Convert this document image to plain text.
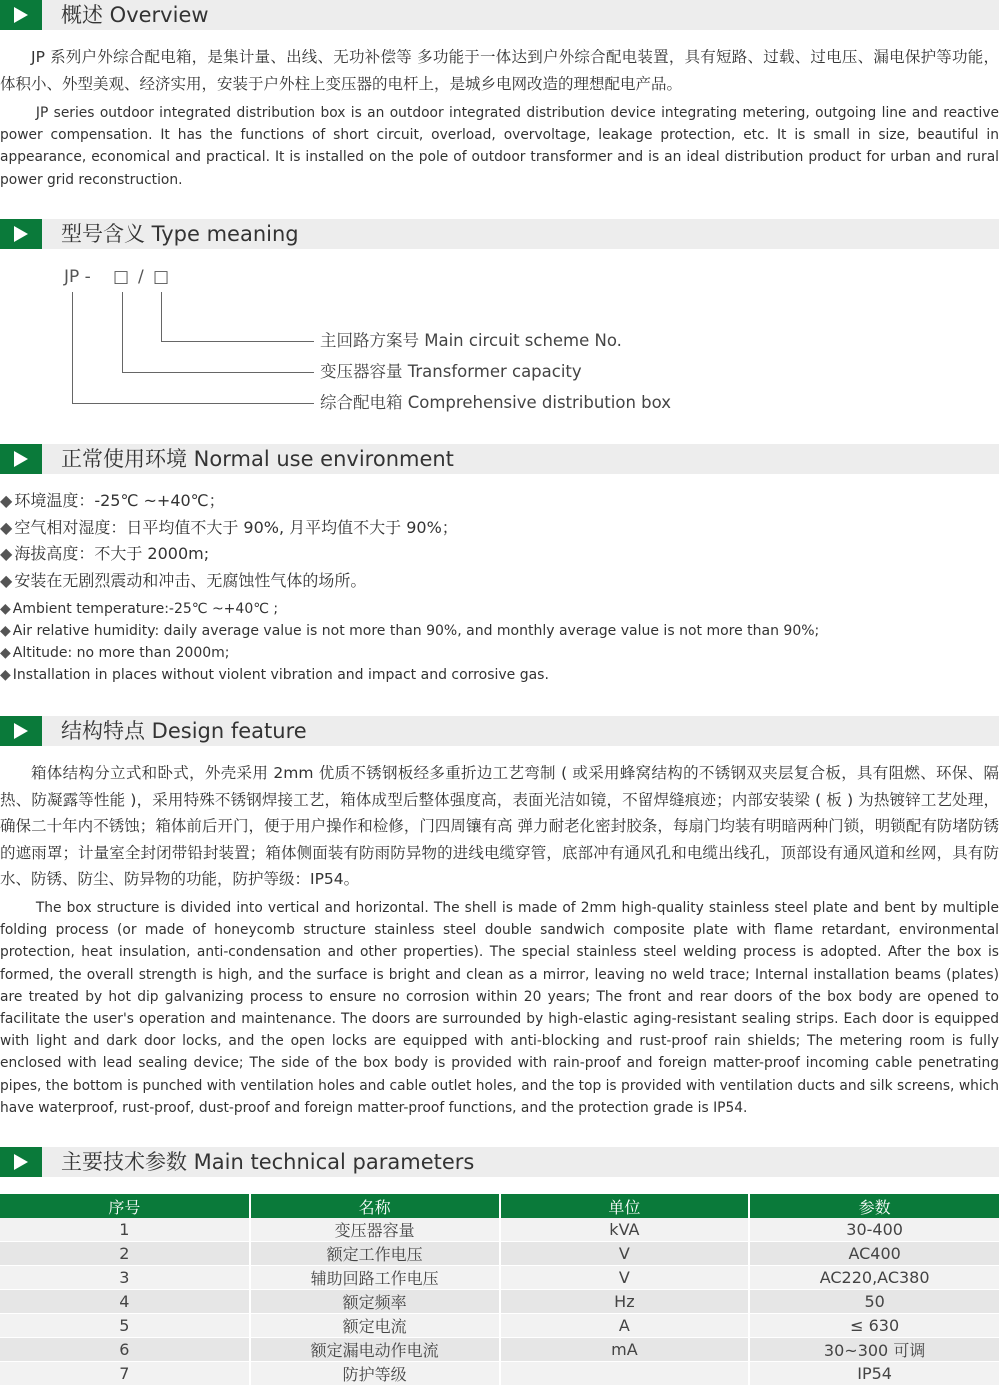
概述 Overview

JP 系列户外综合配电箱，是集计量、出线、无功补偿等 多功能于一体达到户外综合配电装置，具有短路、过载、过电压、漏电保护等功能，体积小、外型美观、经济实用，安装于户外柱上变压器的电杆上，是城乡电网改造的理想配电产品。

JP series outdoor integrated distribution box is an outdoor integrated distribution device integrating metering, outgoing line and reactive power compensation. It has the functions of short circuit, overload, overvoltage, leakage protection, etc. It is small in size, beautiful in appearance, economical and practical. It is installed on the pole of outdoor transformer and is an ideal distribution product for urban and rural power grid reconstruction.

型号含义 Type meaning
JP - □ / □
主回路方案号 Main circuit scheme No.
变压器容量 Transformer capacity
综合配电箱 Comprehensive distribution box
正常使用环境 Normal use environment
◆ 环境温度：-25℃ ~+40℃；
◆ 空气相对湿度：日平均值不大于 90%, 月平均值不大于 90%；
◆ 海拔高度：不大于 2000m;
◆ 安装在无剧烈震动和冲击、无腐蚀性气体的场所。
◆ Ambient temperature:-25℃ ~+40℃ ;
◆ Air relative humidity: daily average value is not more than 90%, and monthly average value is not more than 90%;
◆ Altitude: no more than 2000m;
◆ Installation in places without violent vibration and impact and corrosive gas.
结构特点 Design feature

箱体结构分立式和卧式，外壳采用 2mm 优质不锈钢板经多重折边工艺弯制 ( 或采用蜂窝结构的不锈钢双夹层复合板，具有阻燃、环保、隔热、防凝露等性能 )，采用特殊不锈钢焊接工艺，箱体成型后整体强度高，表面光洁如镜，不留焊缝痕迹；内部安装梁 ( 板 ) 为热镀锌工艺处理，确保二十年内不锈蚀；箱体前后开门，便于用户操作和检修，门四周镶有高 弹力耐老化密封胶条，每扇门均装有明暗两种门锁，明锁配有防堵防锈的遮雨罩；计量室全封闭带铅封装置；箱体侧面装有防雨防异物的进线电缆穿管，底部冲有通风孔和电缆出线孔，顶部设有通风道和丝网，具有防水、防锈、防尘、防异物的功能，防护等级：IP54。

The box structure is divided into vertical and horizontal. The shell is made of 2mm high-quality stainless steel plate and bent by multiple folding process (or made of honeycomb structure stainless steel double sandwich composite plate with flame retardant, environmental protection, heat insulation, anti-condensation and other properties). The special stainless steel welding process is adopted. After the box is formed, the overall strength is high, and the surface is bright and clean as a mirror, leaving no weld trace; Internal installation beams (plates) are treated by hot dip galvanizing process to ensure no corrosion within 20 years; The front and rear doors of the box body are opened to facilitate the user's operation and maintenance. The doors are surrounded by high-elastic aging-resistant sealing strips. Each door is equipped with light and dark door locks, and the open locks are equipped with anti-blocking and rust-proof rain shields; The metering room is fully enclosed with lead sealing device; The side of the box body is provided with rain-proof and foreign matter-proof incoming cable penetrating pipes, the bottom is punched with ventilation holes and cable outlet holes, and the top is provided with ventilation ducts and silk screens, which have waterproof, rust-proof, dust-proof and foreign matter-proof functions, and the protection grade is IP54.

主要技术参数 Main technical parameters
序号	名称	单位	参数
1	变压器容量	kVA	30-400
2	额定工作电压	V	AC400
3	辅助回路工作电压	V	AC220,AC380
4	额定频率	Hz	50
5	额定电流	A	≤ 630
6	额定漏电动作电流	mA	30~300 可调
7	防护等级		IP54
